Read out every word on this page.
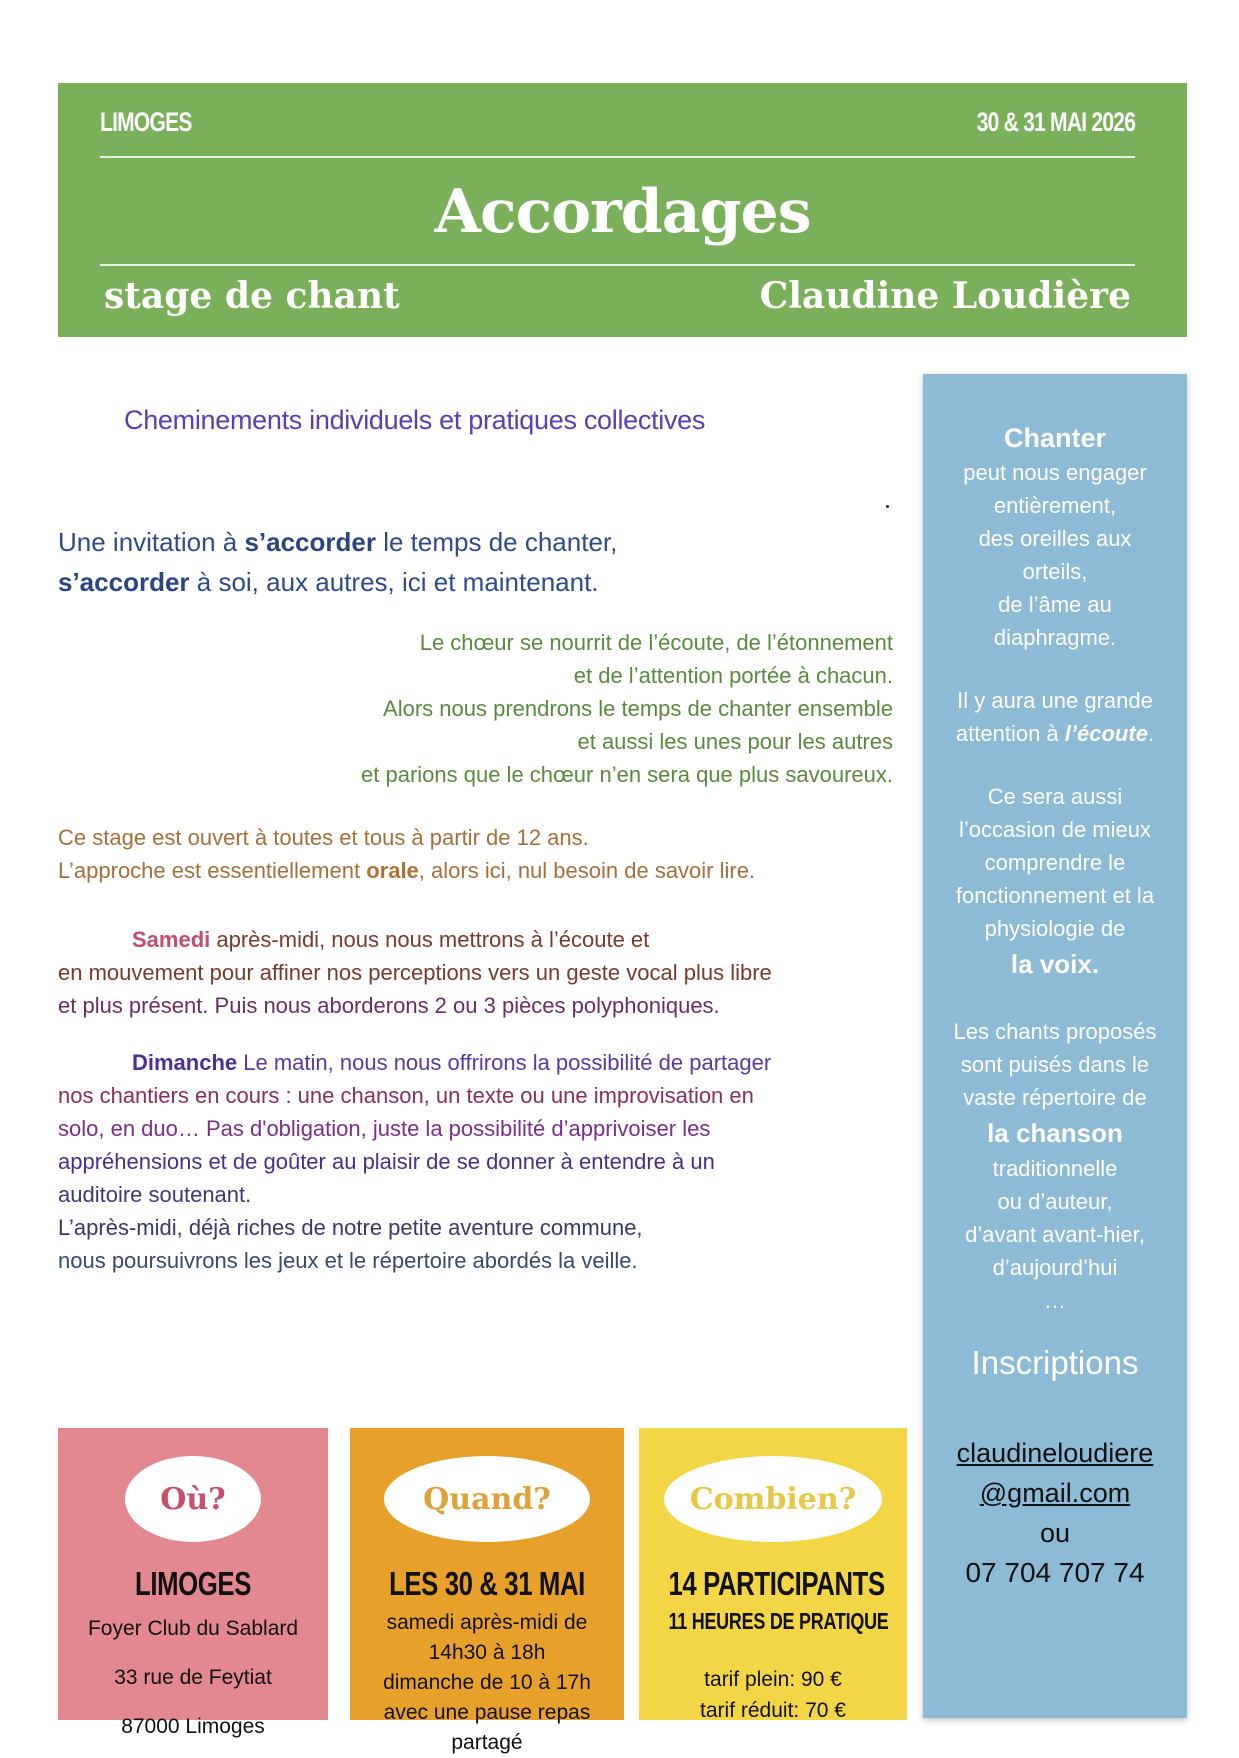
LIMOGES	30 & 31 MAI 2026
Accordages
stage de chant	Claudine Loudière
Cheminements individuels et pratiques collectives
Une invitation à s’accorder le temps de chanter,
s’accorder à soi, aux autres, ici et maintenant.
Le chœur se nourrit de l’écoute, de l’étonnement
et de l’attention portée à chacun.
Alors nous prendrons le temps de chanter ensemble
et aussi les unes pour les autres
et parions que le chœur n’en sera que plus savoureux.
Ce stage est ouvert à toutes et tous à partir de 12 ans.
L’approche est essentiellement orale, alors ici, nul besoin de savoir lire.
Samedi après-midi, nous nous mettrons à l’écoute et
en mouvement pour affiner nos perceptions vers un geste vocal plus libre
et plus présent. Puis nous aborderons 2 ou 3 pièces polyphoniques.
Dimanche Le matin, nous nous offrirons la possibilité de partager
nos chantiers en cours : une chanson, un texte ou une improvisation en
solo, en duo… Pas d'obligation, juste la possibilité d’apprivoiser les
appréhensions et de goûter au plaisir de se donner à entendre à un
auditoire soutenant.
L’après-midi, déjà riches de notre petite aventure commune,
nous poursuivrons les jeux et le répertoire abordés la veille.
Chanter
peut nous engager
entièrement,
des oreilles aux
orteils,
de l’âme au
diaphragme.
Il y aura une grande
attention à l’écoute.
Ce sera aussi
l’occasion de mieux
comprendre le
fonctionnement et la
physiologie de
la voix.
Les chants proposés
sont puisés dans le
vaste répertoire de
la chanson
traditionnelle
ou d’auteur,
d’avant avant-hier,
d’aujourd’hui
…
Inscriptions
claudineloudiere
@gmail.com
ou
07 704 707 74
Où?
LIMOGES
Foyer Club du Sablard
33 rue de Feytiat
87000 Limoges
Quand?
LES 30 & 31 MAI
samedi après-midi de
14h30 à 18h
dimanche de 10 à 17h
avec une pause repas
partagé
Combien?
14 PARTICIPANTS
11 HEURES DE PRATIQUE
tarif plein: 90 €
tarif réduit: 70 €
